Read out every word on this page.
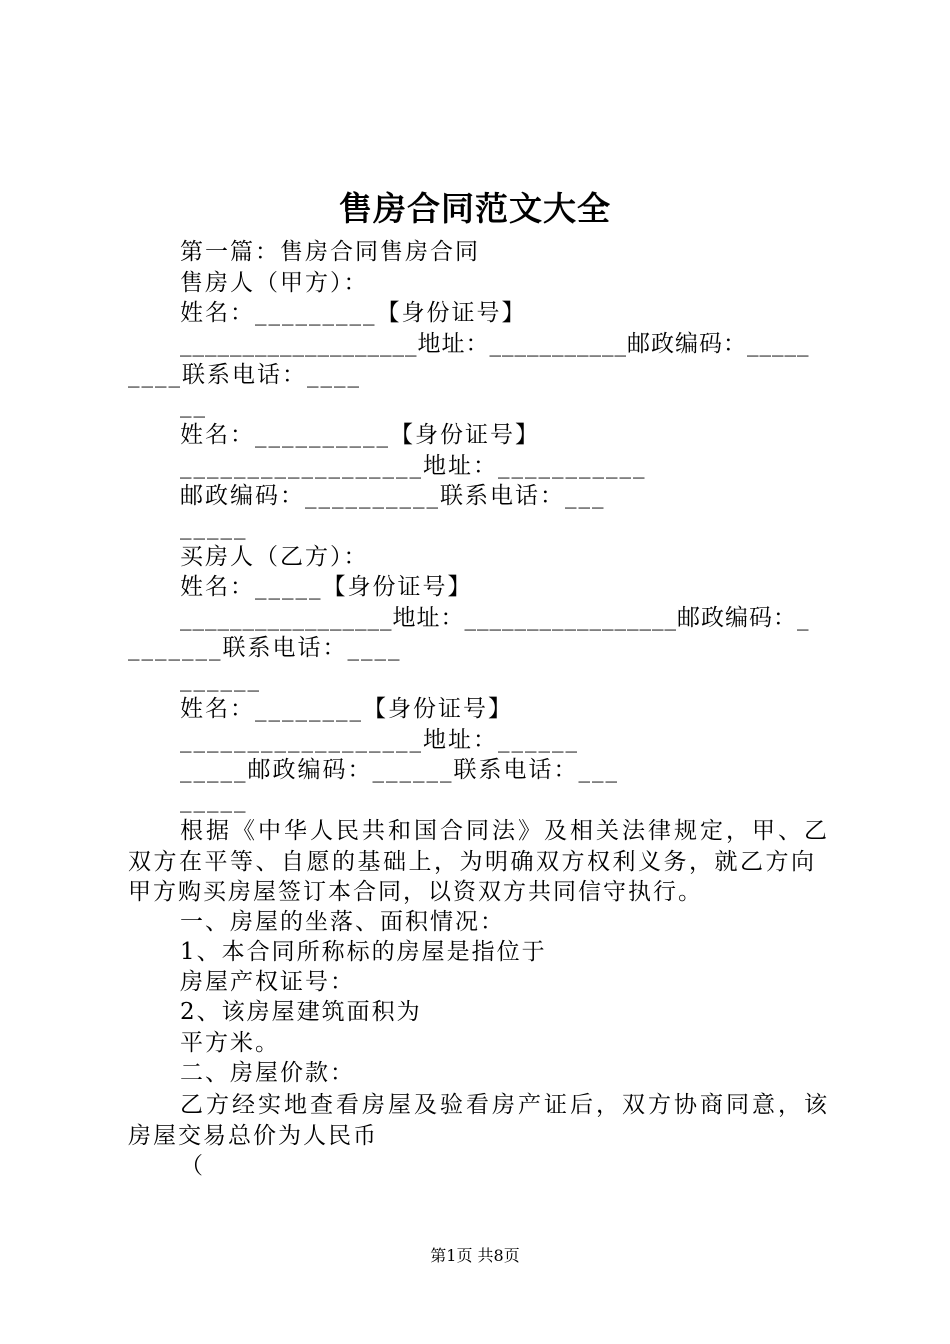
售房合同范文大全
第一篇：售房合同售房合同
售房人（甲方）：
姓名：_________【身份证号】
___________________地址：___________邮政编码：_____
____联系电话：____
__
姓名：__________【身份证号】
__________________地址：___________
邮政编码：__________联系电话：___
_____
买房人（乙方）：
姓名：_____【身份证号】
_________________地址：_________________邮政编码：_
_______联系电话：____
______
姓名：________【身份证号】
__________________地址：______
_____邮政编码：______联系电话：___
_____
根据《中华人民共和国合同法》及相关法律规定，甲、乙
双方在平等、自愿的基础上，为明确双方权利义务，就乙方向
甲方购买房屋签订本合同，以资双方共同信守执行。
一、房屋的坐落、面积情况：
1、本合同所称标的房屋是指位于
房屋产权证号：
2、该房屋建筑面积为
平方米。
二、房屋价款：
乙方经实地查看房屋及验看房产证后，双方协商同意，该
房屋交易总价为人民币
（
第1页 共8页
